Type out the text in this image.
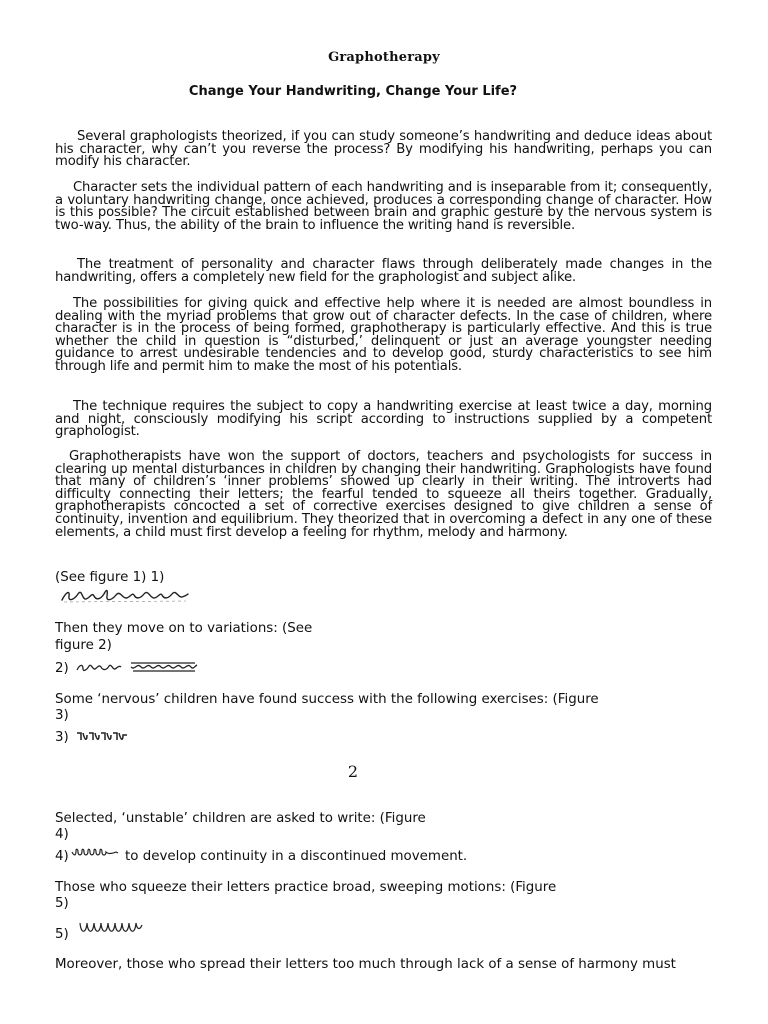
Graphotherapy
Change Your Handwriting, Change Your Life?
Several graphologists theorized, if you can study someone’s handwriting and deduce ideas about his character, why can’t you reverse the process? By modifying his handwriting, perhaps you can modify his character.
Character sets the individual pattern of each handwriting and is inseparable from it; consequently, a voluntary handwriting change, once achieved, produces a corresponding change of character. How is this possible? The circuit established between brain and graphic gesture by the nervous system is two-way. Thus, the ability of the brain to influence the writing hand is reversible.
The treatment of personality and character flaws through deliberately made changes in the handwriting, offers a completely new field for the graphologist and subject alike.
The possibilities for giving quick and effective help where it is needed are almost boundless in dealing with the myriad problems that grow out of character defects. In the case of children, where character is in the process of being formed, graphotherapy is particularly effective. And this is true whether the child in question is “disturbed,’ delinquent or just an average youngster needing guidance to arrest undesirable tendencies and to develop good, sturdy characteristics to see him through life and permit him to make the most of his potentials.
The technique requires the subject to copy a handwriting exercise at least twice a day, morning and night, consciously modifying his script according to instructions supplied by a competent graphologist.
Graphotherapists have won the support of doctors, teachers and psychologists for success in clearing up mental disturbances in children by changing their handwriting. Graphologists have found that many of children’s ‘inner problems’ showed up clearly in their writing. The introverts had difficulty connecting their letters; the fearful tended to squeeze all theirs together. Gradually, graphotherapists concocted a set of corrective exercises designed to give children a sense of continuity, invention and equilibrium. They theorized that in overcoming a defect in any one of these elements, a child must first develop a feeling for rhythm, melody and harmony.
(See figure 1) 1)
Then they move on to variations: (See
figure 2)
2)
Some ‘nervous’ children have found success with the following exercises: (Figure
3)
3)
2
Selected, ‘unstable’ children are asked to write: (Figure
4)
4)	to develop continuity in a discontinued movement.
Those who squeeze their letters practice broad, sweeping motions: (Figure
5)
5)
Moreover, those who spread their letters too much through lack of a sense of harmony must
